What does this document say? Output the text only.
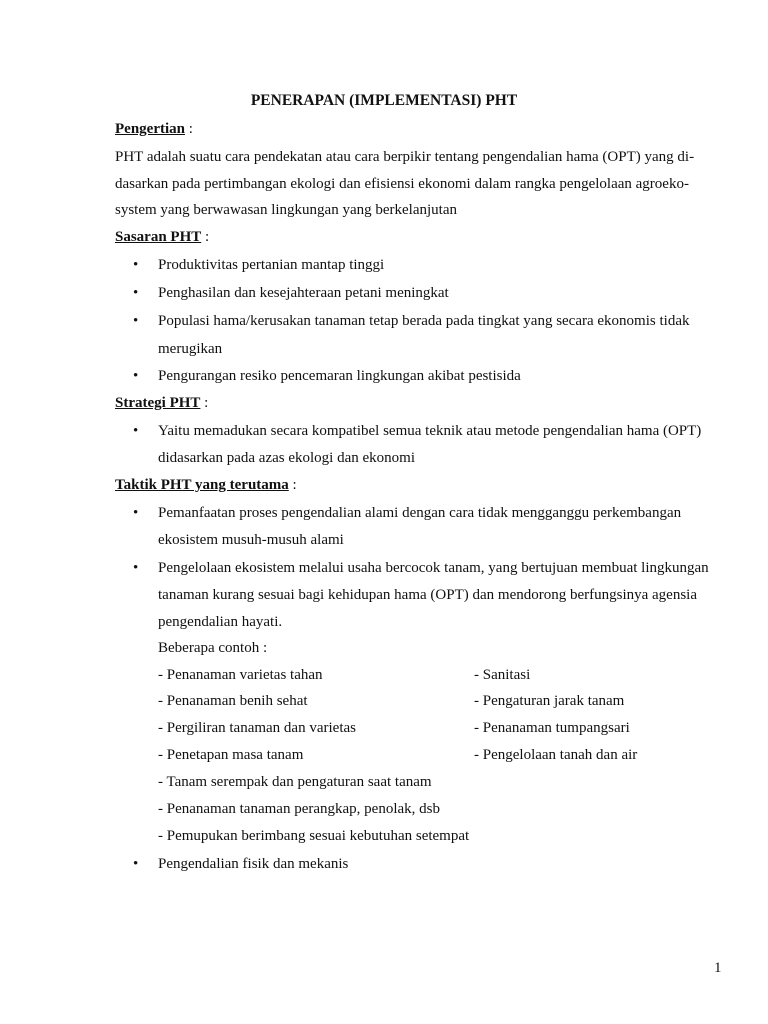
PENERAPAN (IMPLEMENTASI) PHT
Pengertian :
PHT adalah suatu cara pendekatan atau cara berpikir tentang pengendalian hama (OPT) yang di-
dasarkan pada pertimbangan ekologi dan efisiensi ekonomi dalam rangka pengelolaan agroeko-
system yang berwawasan lingkungan yang berkelanjutan
Sasaran PHT :
• Produktivitas pertanian mantap tinggi
• Penghasilan dan kesejahteraan petani meningkat
• Populasi hama/kerusakan tanaman tetap berada pada tingkat yang secara ekonomis tidak
merugikan
• Pengurangan resiko pencemaran lingkungan akibat pestisida
Strategi PHT :
• Yaitu memadukan secara kompatibel semua teknik atau metode pengendalian hama (OPT)
didasarkan pada azas ekologi dan ekonomi
Taktik PHT yang terutama :
• Pemanfaatan proses pengendalian alami dengan cara tidak mengganggu perkembangan
ekosistem musuh-musuh alami
• Pengelolaan ekosistem melalui usaha bercocok tanam, yang bertujuan membuat lingkungan
tanaman kurang sesuai bagi kehidupan hama (OPT) dan mendorong berfungsinya agensia
pengendalian hayati.
Beberapa contoh :
- Penanaman varietas tahan
- Penanaman benih sehat
- Pergiliran tanaman dan varietas
- Penetapan masa tanam
- Tanam serempak dan pengaturan saat tanam
- Penanaman tanaman perangkap, penolak, dsb
- Pemupukan berimbang sesuai kebutuhan setempat
- Sanitasi
- Pengaturan jarak tanam
- Penanaman tumpangsari
- Pengelolaan tanah dan air
• Pengendalian fisik dan mekanis
1
